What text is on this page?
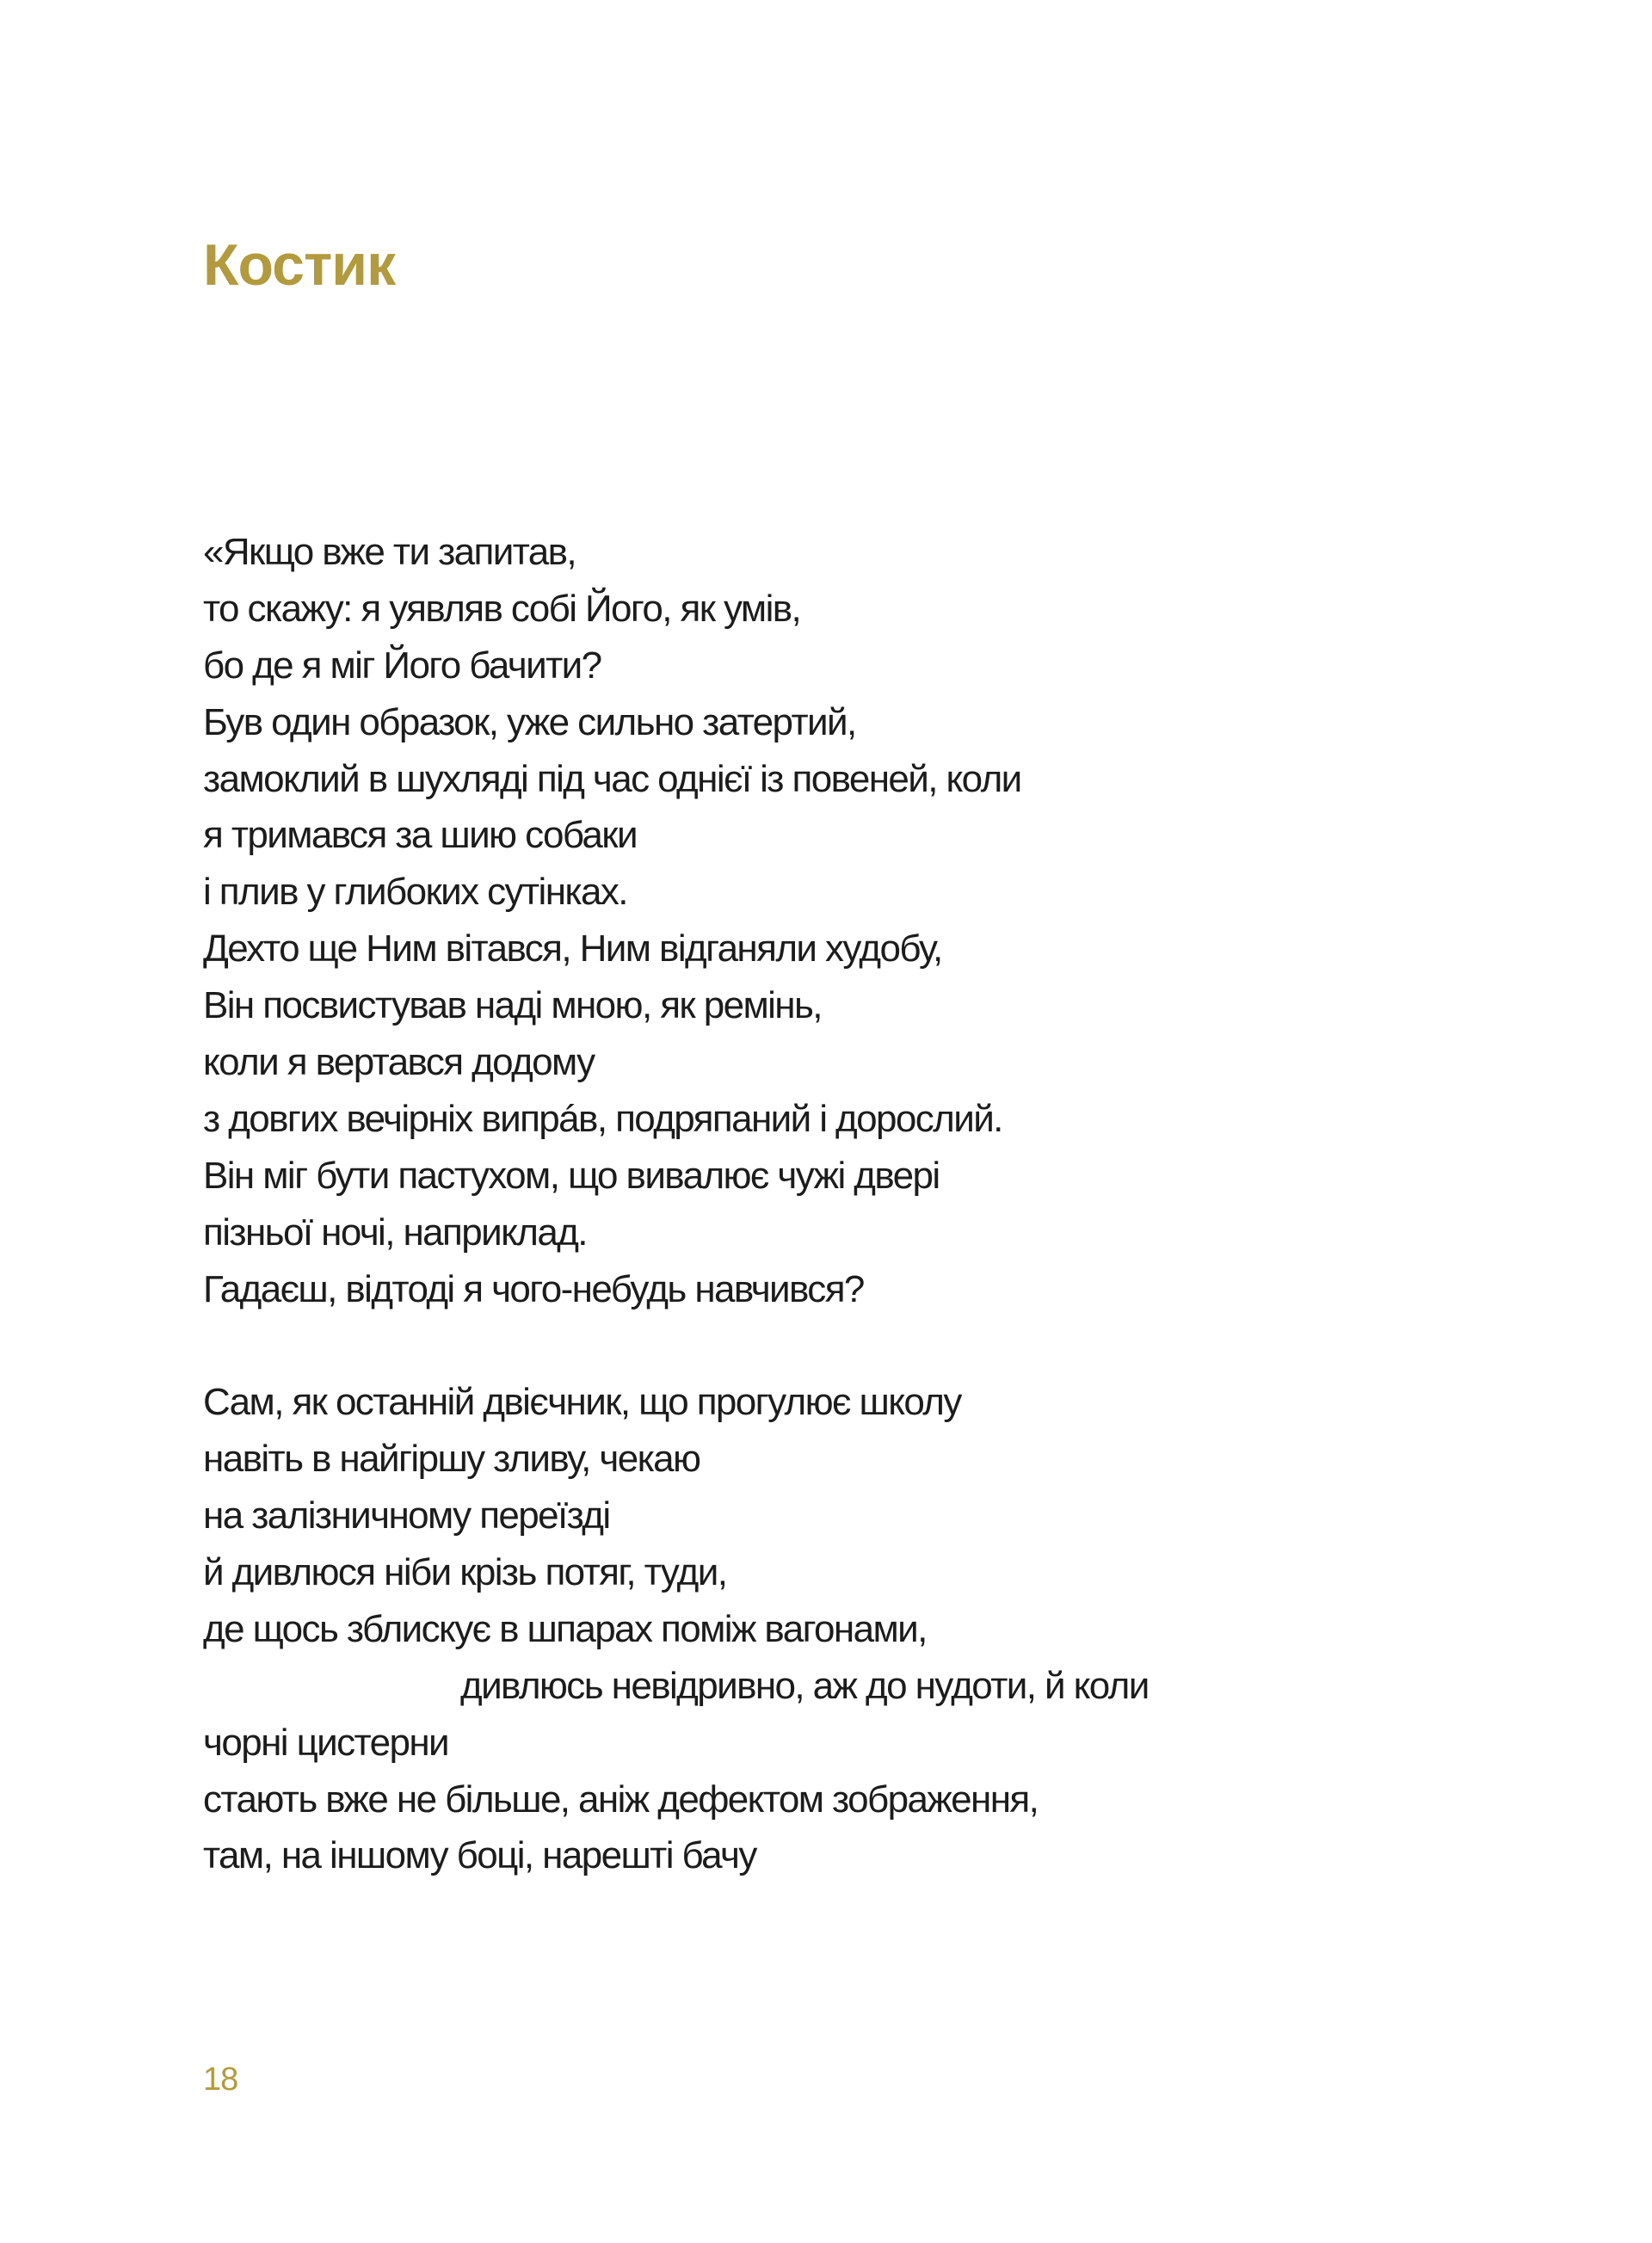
Костик
«Якщо вже ти запитав,
то скажу: я уявляв собі Його, як умів,
бо де я міг Його бачити?
Був один образок, уже сильно затертий,
замоклий в шухляді під час однієї із повеней, коли
я тримався за шию собаки
і плив у глибоких сутінках.
Дехто ще Ним вітався, Ним відганяли худобу,
Він посвистував наді мною, як ремінь,
коли я вертався додому
з довгих вечірніх випрáв, подряпаний і дорослий.
Він міг бути пастухом, що вивалює чужі двері
пізньої ночі, наприклад.
Гадаєш, відтоді я чого-небудь навчився?
Сам, як останній двієчник, що прогулює школу
навіть в найгіршу зливу, чекаю
на залізничному переїзді
й дивлюся ніби крізь потяг, туди,
де щось зблискує в шпарах поміж вагонами,
дивлюсь невідривно, аж до нудоти, й коли
чорні цистерни
стають вже не більше, аніж дефектом зображення,
там, на іншому боці, нарешті бачу
18
